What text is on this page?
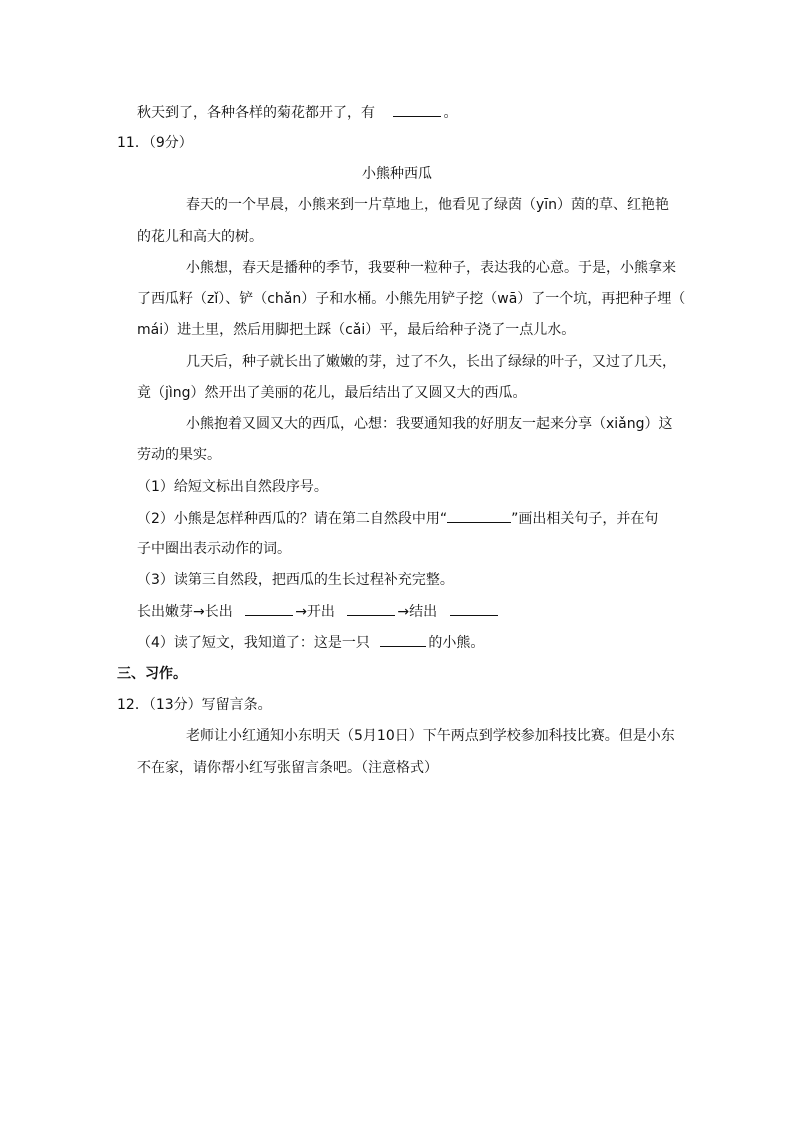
秋天到了，各种各样的菊花都开了，有	。
11．（9分）
小熊种西瓜
春天的一个早晨，小熊来到一片草地上，他看见了绿茵（yīn）茵的草、红艳艳
的花儿和高大的树。
小熊想，春天是播种的季节，我要种一粒种子，表达我的心意。于是，小熊拿来
了西瓜籽（zǐ）、铲（chǎn）子和水桶。小熊先用铲子挖（wā）了一个坑，再把种子埋（
mái）进土里，然后用脚把土踩（cǎi）平，最后给种子浇了一点儿水。
几天后，种子就长出了嫩嫩的芽，过了不久，长出了绿绿的叶子，又过了几天，
竟（jìng）然开出了美丽的花儿，最后结出了又圆又大的西瓜。
小熊抱着又圆又大的西瓜，心想：我要通知我的好朋友一起来分享（xiǎng）这
劳动的果实。
（1）给短文标出自然段序号。
（2）小熊是怎样种西瓜的？请在第二自然段中用“	”画出相关句子，并在句
子中圈出表示动作的词。
（3）读第三自然段，把西瓜的生长过程补充完整。
长出嫩芽→长出	→开出	→结出
（4）读了短文，我知道了：这是一只	的小熊。
三、习作。
12．（13分）写留言条。
老师让小红通知小东明天（5月10日）下午两点到学校参加科技比赛。但是小东
不在家，请你帮小红写张留言条吧。（注意格式）
